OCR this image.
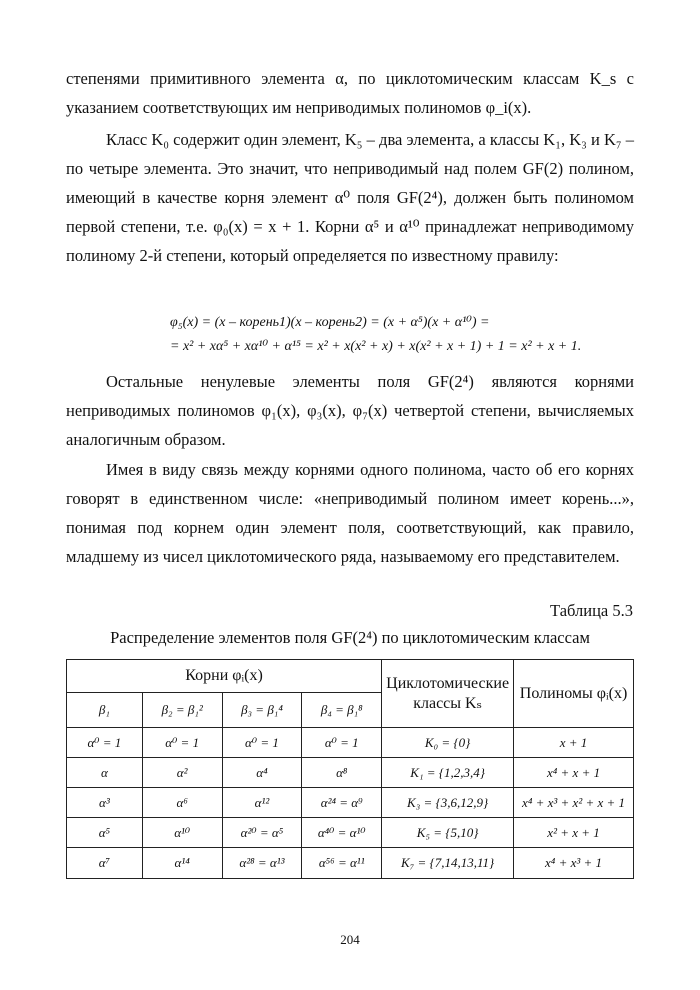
степенями примитивного элемента α, по циклотомическим классам K_s с указанием соответствующих им неприводимых полиномов φ_i(x).

Класс K₀ содержит один элемент, K₅ – два элемента, а классы K₁, K₃ и K₇ – по четыре элемента. Это значит, что неприводимый над полем GF(2) полином, имеющий в качестве корня элемент α⁰ поля GF(2⁴), должен быть полиномом первой степени, т.е. φ₀(x) = x + 1. Корни α⁵ и α¹⁰ принадлежат неприводимому полиному 2-й степени, который определяется по известному правилу:

φ₅(x) = (x – корень1)(x – корень2) = (x + α⁵)(x + α¹⁰) =
= x² + xα⁵ + xα¹⁰ + α¹⁵ = x² + x(x² + x) + x(x² + x + 1) + 1 = x² + x + 1.

Остальные ненулевые элементы поля GF(2⁴) являются корнями неприводимых полиномов φ₁(x), φ₃(x), φ₇(x) четвертой степени, вычисляемых аналогичным образом.

Имея в виду связь между корнями одного полинома, часто об его корнях говорят в единственном числе: «неприводимый полином имеет корень...», понимая под корнем один элемент поля, соответствующий, как правило, младшему из чисел циклотомического ряда, называемому его представителем.

Таблица 5.3
Распределение элементов поля GF(2⁴) по циклотомическим классам
Корни φᵢ(x)				Циклотомические классы Kₛ	Полиномы φᵢ(x)
β₁	β₂ = β₁²	β₃ = β₁⁴	β₄ = β₁⁸		
α⁰ = 1	α⁰ = 1	α⁰ = 1	α⁰ = 1	K₀ = {0}	x + 1
α	α²	α⁴	α⁸	K₁ = {1,2,3,4}	x⁴ + x + 1
α³	α⁶	α¹²	α²⁴ = α⁹	K₃ = {3,6,12,9}	x⁴ + x³ + x² + x + 1
α⁵	α¹⁰	α²⁰ = α⁵	α⁴⁰ = α¹⁰	K₅ = {5,10}	x² + x + 1
α⁷	α¹⁴	α²⁸ = α¹³	α⁵⁶ = α¹¹	K₇ = {7,14,13,11}	x⁴ + x³ + 1
204
